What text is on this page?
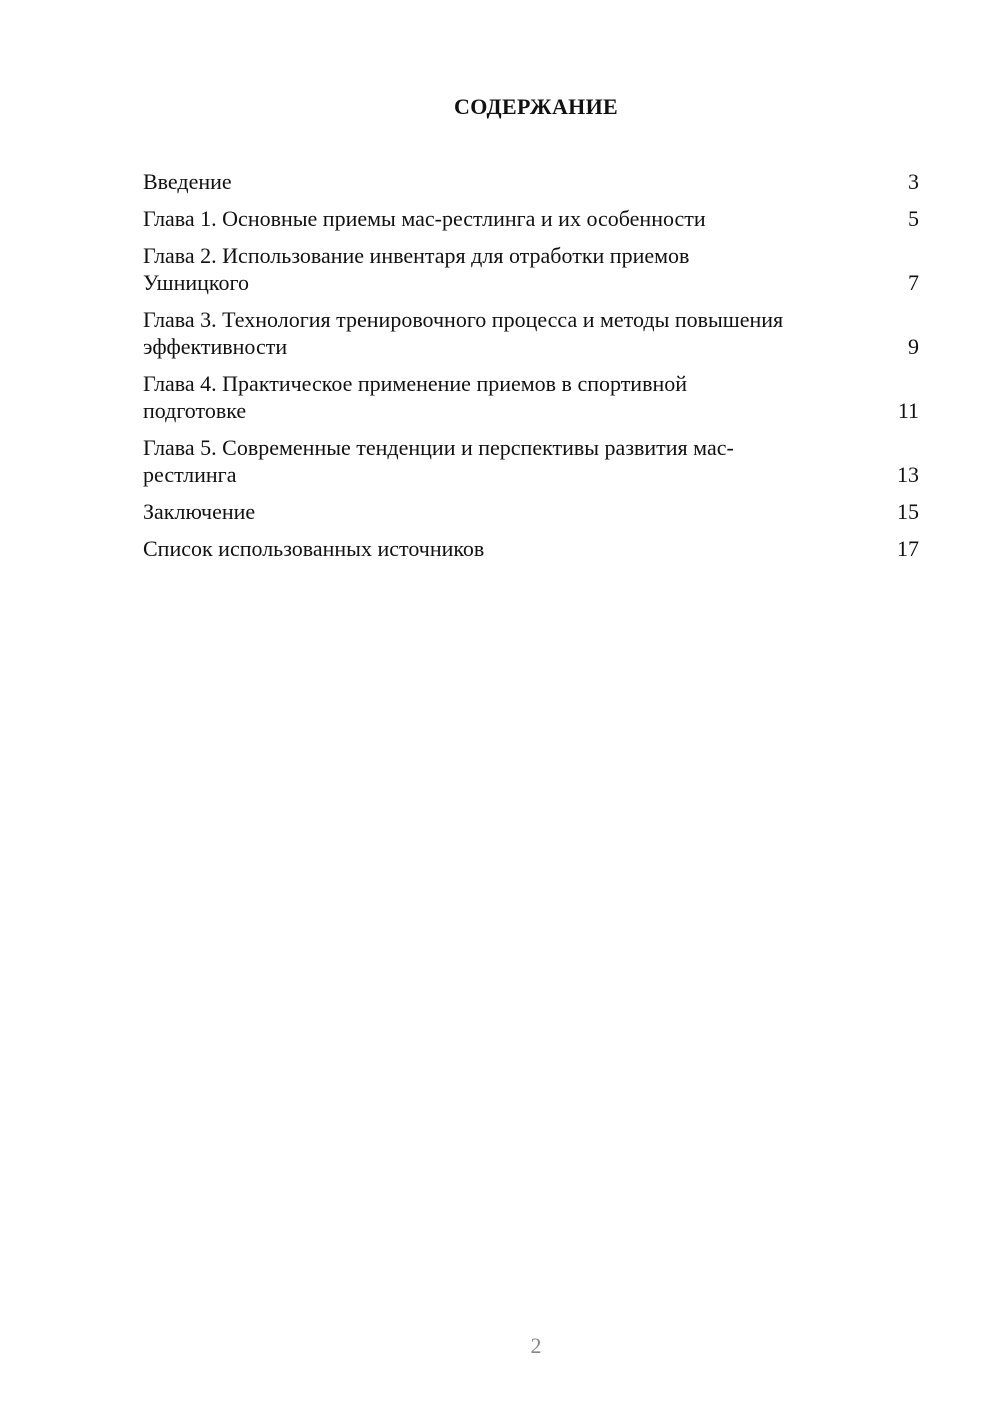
СОДЕРЖАНИЕ
Введение	3
Глава 1. Основные приемы мас-рестлинга и их особенности	5
Глава 2. Использование инвентаря для отработки приемов Ушницкого	7
Глава 3. Технология тренировочного процесса и методы повышения эффективности	9
Глава 4. Практическое применение приемов в спортивной подготовке	11
Глава 5. Современные тенденции и перспективы развития мас-рестлинга	13
Заключение	15
Список использованных источников	17
2
